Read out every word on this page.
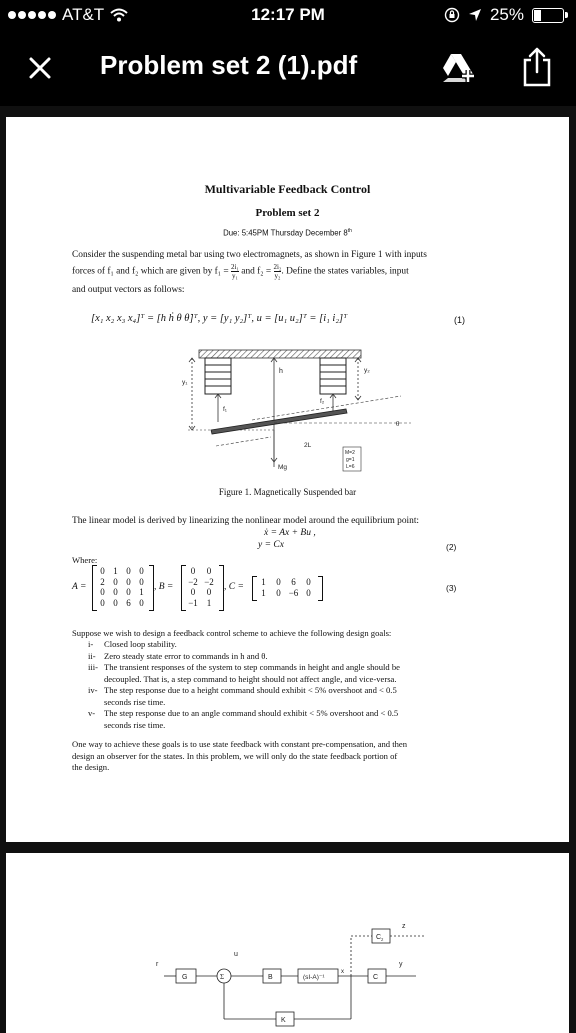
AT&T	12:17 PM	25%
Problem set 2 (1).pdf
Multivariable Feedback Control
Problem set 2
Due: 5:45PM Thursday December 8th
Consider the suspending metal bar using two electromagnets, as shown in Figure 1 with inputs
forces of f₁ and f₂ which are given by $f_1 = \frac{\text{2i₁}}{\text{y₁}}$ and $f_2 = \frac{\text{2i₂}}{\text{y₂}}$ . Define the states variables, input
and output vectors as follows:
[x₁ x₂ x₃ x₄]ᵀ = [h ḣ θ θ̇]ᵀ, y = [y₁ y₂]ᵀ, u = [u₁ u₂]ᵀ = [i₁ i₂]ᵀ	(1)
y₁
h	y₂
f₁
f₂
θ
2L
Mg
M=2
g=1
L=6
Figure 1. Magnetically Suspended bar
The linear model is derived by linearizing the nonlinear model around the equilibrium point:
ẋ = Ax + Bu ,
y = Cx	(2)
Where:
A =
0 1 0 0
2 0 0 0
0 0 0 1
0 0 6 0
, B =
0	0
−2 −2
0	0
−1 1
, C =	1	0	6	0
1	0 −6 0	(3)
Suppose we wish to design a feedback control scheme to achieve the following design goals:
i- Closed loop stability.
ii- Zero steady state error to commands in h and θ.
iii- The transient responses of the system to step commands in height and angle should be
decoupled. That is, a step command to height should not affect angle, and vice-versa.
iv- The step response due to a height command should exhibit < 5% overshoot and < 0.5
seconds rise time.
v- The step response due to an angle command should exhibit < 5% overshoot and < 0.5
seconds rise time.
One way to achieve these goals is to use state feedback with constant pre-compensation, and then
design an observer for the states. In this problem, we will only do the state feedback portion of
the design.
r
G	Σ
u
B	(sI-A)⁻¹
x
C
y
K
$C_z$
z
